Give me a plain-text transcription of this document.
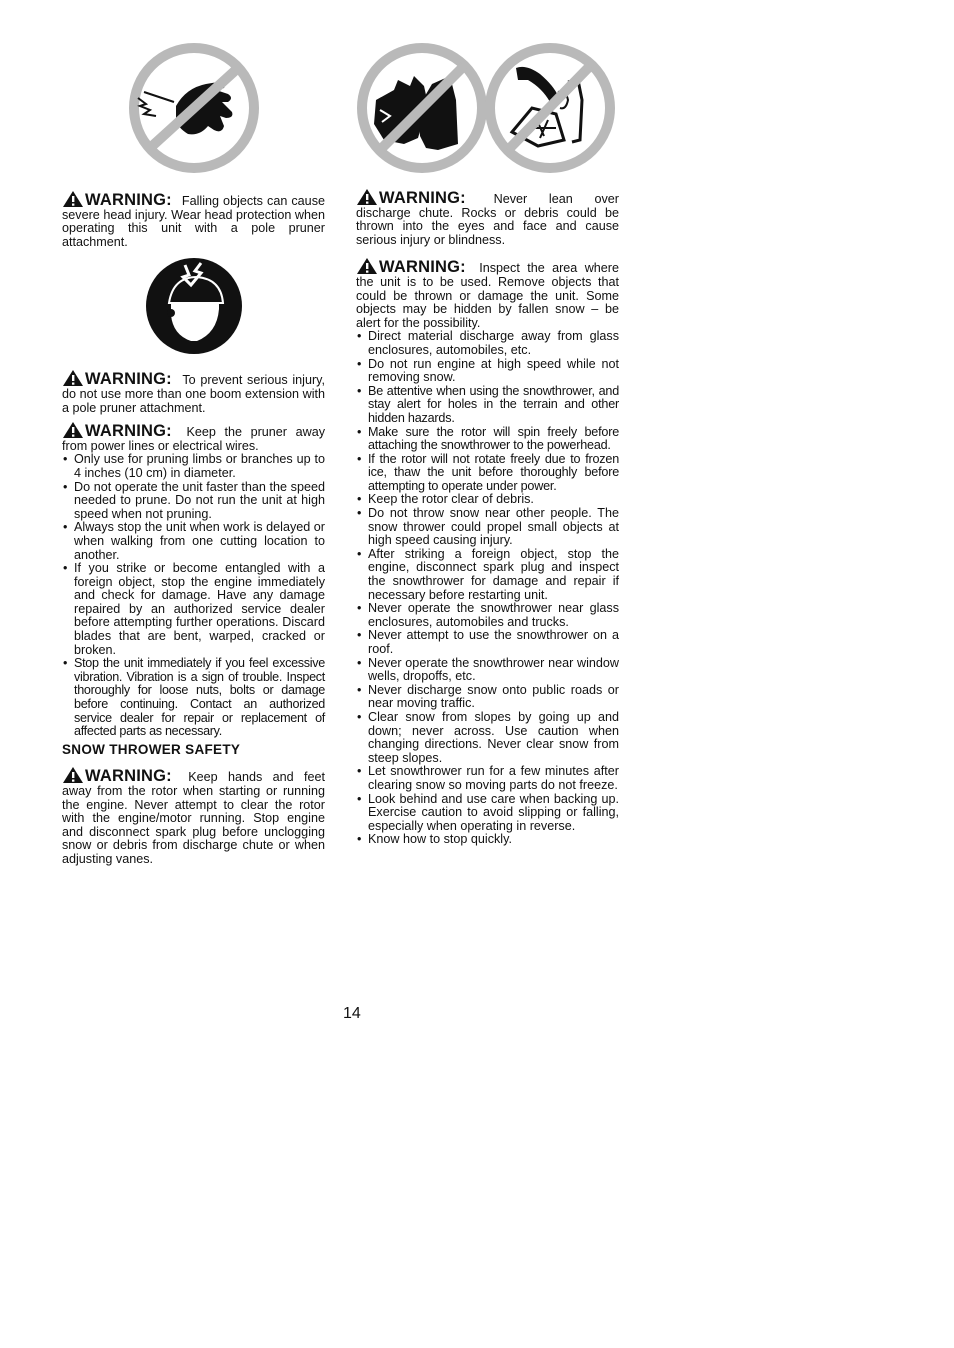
WARNING: Falling objects can cause severe head injury. Wear head protection when operating this unit with a pole pruner attachment.

WARNING: To prevent serious injury, do not use more than one boom extension with a pole pruner attachment.

WARNING: Keep the pruner away from power lines or electrical wires.

• Only use for pruning limbs or branches up to 4 inches (10 cm) in diameter.
• Do not operate the unit faster than the speed needed to prune. Do not run the unit at high speed when not pruning.
• Always stop the unit when work is delayed or when walking from one cutting location to another.
• If you strike or become entangled with a foreign object, stop the engine immediately and check for damage. Have any damage repaired by an authorized service dealer before attempting further operations. Discard blades that are bent, warped, cracked or broken.
• Stop the unit immediately if you feel excessive vibration. Vibration is a sign of trouble. Inspect thoroughly for loose nuts, bolts or damage before continuing. Contact an authorized service dealer for repair or replacement of affected parts as necessary.
SNOW THROWER SAFETY

WARNING: Keep hands and feet away from the rotor when starting or running the engine. Never attempt to clear the rotor with the engine/motor running. Stop engine and disconnect spark plug before unclogging snow or debris from discharge chute or when adjusting vanes.

WARNING: Never lean over discharge chute. Rocks or debris could be thrown into the eyes and face and cause serious injury or blindness.

WARNING: Inspect the area where the unit is to be used. Remove objects that could be thrown or damage the unit. Some objects may be hidden by fallen snow – be alert for the possibility.

• Direct material discharge away from glass enclosures, automobiles, etc.
• Do not run engine at high speed while not removing snow.
• Be attentive when using the snowthrower, and stay alert for holes in the terrain and other hidden hazards.
• Make sure the rotor will spin freely before attaching the snowthrower to the powerhead.
• If the rotor will not rotate freely due to frozen ice, thaw the unit before thoroughly before attempting to operate under power.
• Keep the rotor clear of debris.
• Do not throw snow near other people. The snow thrower could propel small objects at high speed causing injury.
• After striking a foreign object, stop the engine, disconnect spark plug and inspect the snowthrower for damage and repair if necessary before restarting unit.
• Never operate the snowthrower near glass enclosures, automobiles and trucks.
• Never attempt to use the snowthrower on a roof.
• Never operate the snowthrower near window wells, dropoffs, etc.
• Never discharge snow onto public roads or near moving traffic.
• Clear snow from slopes by going up and down; never across. Use caution when changing directions. Never clear snow from steep slopes.
• Let snowthrower run for a few minutes after clearing snow so moving parts do not freeze.
• Look behind and use care when backing up. Exercise caution to avoid slipping or falling, especially when operating in reverse.
• Know how to stop quickly.
14
